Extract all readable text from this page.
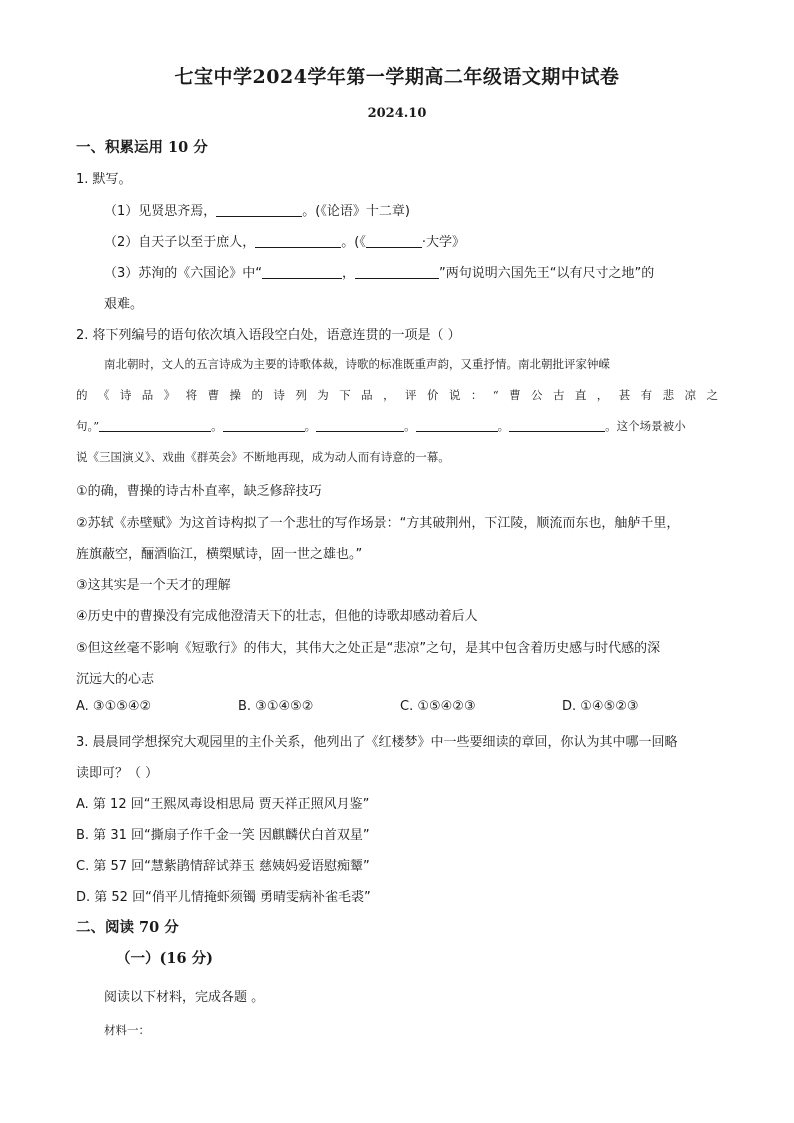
七宝中学2024学年第一学期高二年级语文期中试卷
2024.10
一、积累运用 10 分
1. 默写。
（1）见贤思齐焉，	。(《论语》十二章)
（2）自天子以至于庶人，	。(《	·大学》
（3）苏洵的《六国论》中“	，	”两句说明六国先王“以有尺寸之地”的
艰难。
2. 将下列编号的语句依次填入语段空白处，语意连贯的一项是（ ）
南北朝时，文人的五言诗成为主要的诗歌体裁，诗歌的标准既重声韵，又重抒情。南北朝批评家钟嵘
的《诗品》将曹操的诗列为下品，评价说：“曹公古直，甚有悲凉之
句。”	。	。	。	。	。这个场景被小
说《三国演义》、戏曲《群英会》不断地再现，成为动人而有诗意的一幕。
①的确，曹操的诗古朴直率，缺乏修辞技巧
②苏轼《赤壁赋》为这首诗构拟了一个悲壮的写作场景：“方其破荆州，下江陵，顺流而东也，舳舻千里，
旌旗蔽空，酾酒临江，横槊赋诗，固一世之雄也。”
③这其实是一个天才的理解
④历史中的曹操没有完成他澄清天下的壮志，但他的诗歌却感动着后人
⑤但这丝毫不影响《短歌行》的伟大，其伟大之处正是“悲凉”之句，是其中包含着历史感与时代感的深
沉远大的心志
A. ③①⑤④②	B. ③①④⑤②	C. ①⑤④②③	D. ①④⑤②③
3. 晨晨同学想探究大观园里的主仆关系，他列出了《红楼梦》中一些要细读的章回，你认为其中哪一回略
读即可？（ ）
A. 第 12 回“王熙凤毒设相思局 贾天祥正照风月鉴”
B. 第 31 回“撕扇子作千金一笑 因麒麟伏白首双星”
C. 第 57 回“慧紫鹃情辞试莽玉 慈姨妈爱语慰痴颦”
D. 第 52 回“俏平儿情掩虾须镯 勇晴雯病补雀毛裘”
二、阅读 70 分
（一）(16 分)
阅读以下材料，完成各题 。
材料一：
